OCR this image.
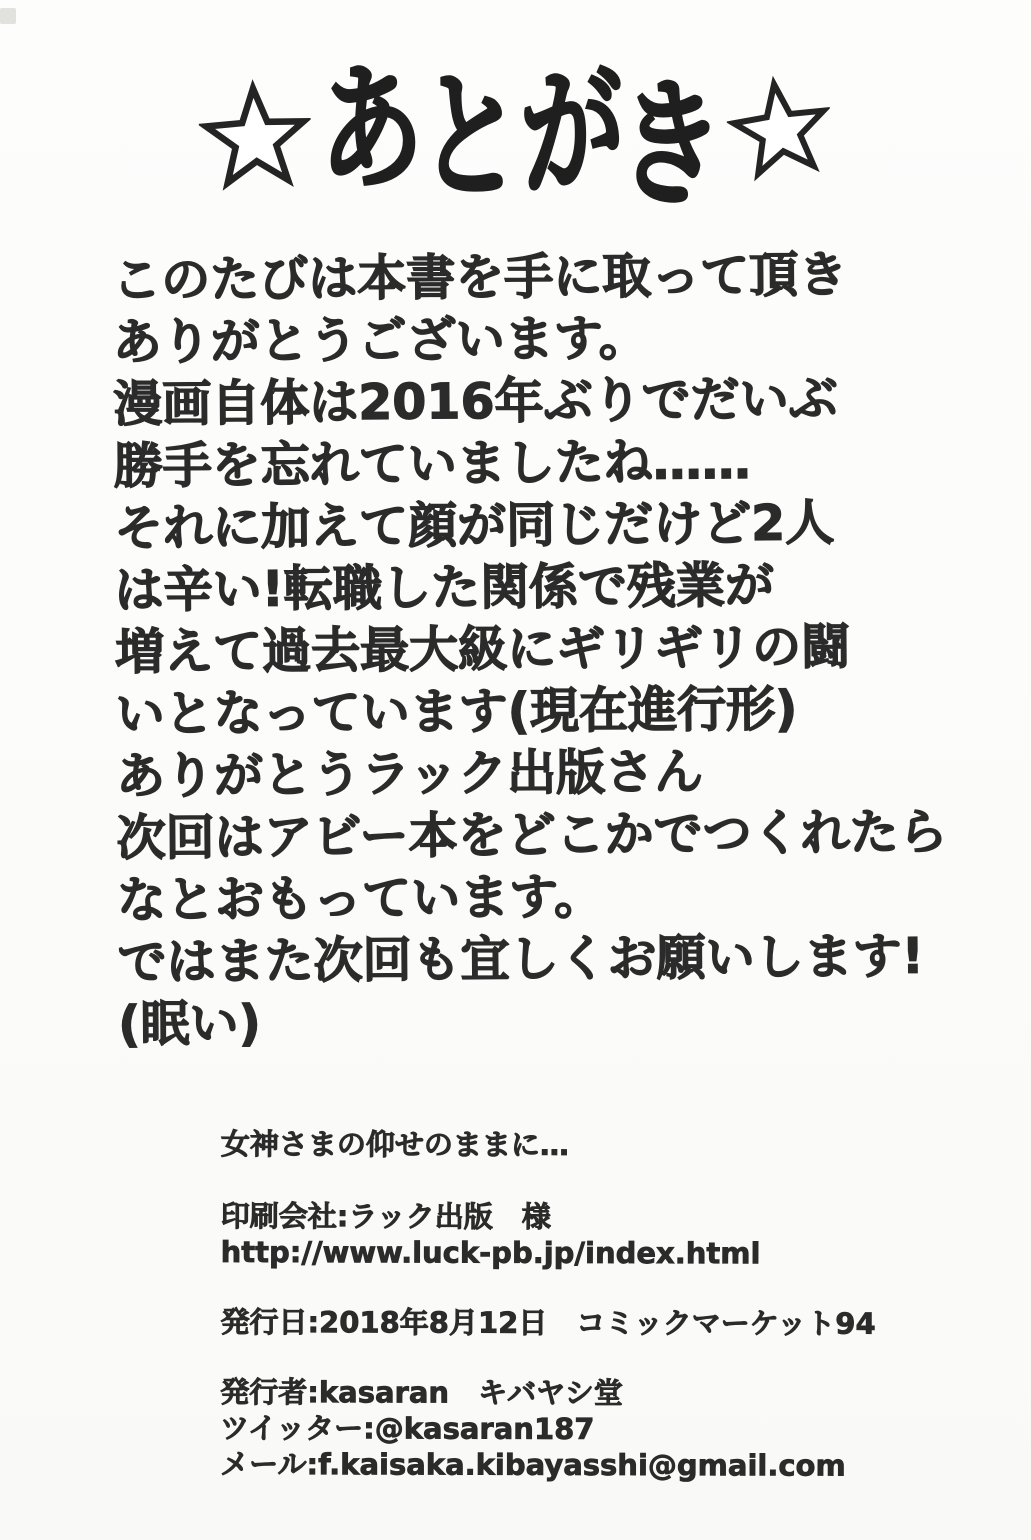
あとがき
このたびは本書を手に取って頂き
ありがとうございます。
漫画自体は2016年ぶりでだいぶ
勝手を忘れていましたね……
それに加えて顔が同じだけど2人
は辛い!転職した関係で残業が
増えて過去最大級にギリギリの闘
いとなっています(現在進行形)
ありがとうラック出版さん
次回はアビー本をどこかでつくれたら
なとおもっています。
ではまた次回も宜しくお願いします!
(眠い)

女神さまの仰せのままに…

印刷会社:ラック出版　様

http://www.luck-pb.jp/index.html

発行日:2018年8月12日　コミックマーケット94

発行者:kasaran　キバヤシ堂

ツイッター:@kasaran187

メール:f.kaisaka.kibayasshi@gmail.com
